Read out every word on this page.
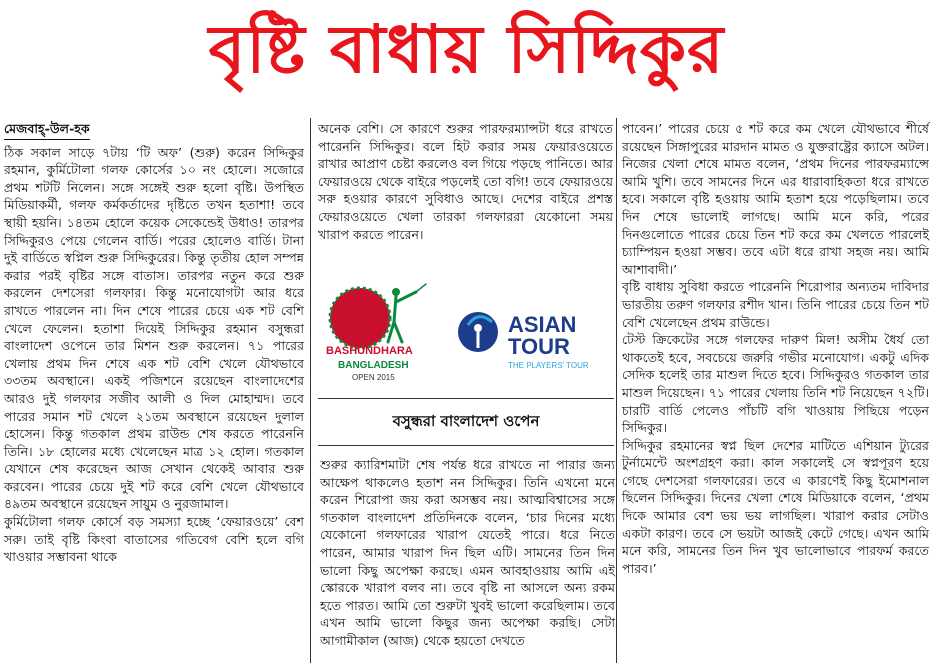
বৃষ্টি বাধায় সিদ্দিকুর
মেজবাহ্-উল-হক

ঠিক সকাল সাড়ে ৭টায় ‘টি অফ’ (শুরু) করেন সিদ্দিকুর রহমান, কুর্মিটোলা গলফ কোর্সের ১০ নং হোলে। সজোরে প্রথম শটটি নিলেন। সঙ্গে সঙ্গেই শুরু হলো বৃষ্টি। উপস্থিত মিডিয়াকর্মী, গলফ কর্মকর্তাদের দৃষ্টিতে তখন হতাশা! তবে স্থায়ী হয়নি। ১৪তম হোলে কয়েক সেকেন্ডেই উধাও! তারপর সিদ্দিকুরও পেয়ে গেলেন বার্ডি। পরের হোলেও বার্ডি। টানা দুই বার্ডিতে স্বপ্নিল শুরু সিদ্দিকুরের। কিন্তু তৃতীয় হোল সম্পন্ন করার পরই বৃষ্টির সঙ্গে বাতাস। তারপর নতুন করে শুরু করলেন দেশসেরা গলফার। কিন্তু মনোযোগটা আর ধরে রাখতে পারলেন না। দিন শেষে পারের চেয়ে এক শট বেশি খেলে ফেলেন। হতাশা দিয়েই সিদ্দিকুর রহমান বসুন্ধরা বাংলাদেশ ওপেনে তার মিশন শুরু করলেন। ৭১ পারের খেলায় প্রথম দিন শেষে এক শট বেশি খেলে যৌথভাবে ৩৩তম অবস্থানে। একই পজিশনে রয়েছেন বাংলাদেশের আরও দুই গলফার সজীব আলী ও দিল মোহাম্মদ। তবে পারের সমান শট খেলে ২১তম অবস্থানে রয়েছেন দুলাল হোসেন। কিন্তু গতকাল প্রথম রাউন্ড শেষ করতে পারেননি তিনি। ১৮ হোলের মধ্যে খেলেছেন মাত্র ১২ হোল। গতকাল যেখানে শেষ করেছেন আজ সেখান থেকেই আবার শুরু করবেন। পারের চেয়ে দুই শট করে বেশি খেলে যৌথভাবে ৪৯তম অবস্থানে রয়েছেন সায়ুম ও নুরজামাল।

কুর্মিটোলা গলফ কোর্সে বড় সমস্যা হচ্ছে ‘ফেয়ারওয়ে’ বেশ সরু। তাই বৃষ্টি কিংবা বাতাসের গতিবেগ বেশি হলে বগি খাওয়ার সম্ভাবনা থাকে

অনেক বেশি। সে কারণে শুরুর পারফরম্যান্সটা ধরে রাখতে পারেননি সিদ্দিকুর। বলে হিট করার সময় ফেয়ারওয়েতে রাখার আপ্রাণ চেষ্টা করলেও বল গিয়ে পড়ছে পানিতে। আর ফেয়ারওয়ে থেকে বাইরে পড়লেই তো বগি! তবে ফেয়ারওয়ে সরু হওয়ার কারণে সুবিধাও আছে। দেশের বাইরে প্রশস্ত ফেয়ারওয়েতে খেলা তারকা গলফাররা যেকোনো সময় খারাপ করতে পারেন।

BASHUNDHARA
BANGLADESH
OPEN 2015
ASIAN
TOUR
THE PLAYERS' TOUR
বসুন্ধরা বাংলাদেশ ওপেন

শুরুর ক্যারিশমাটা শেষ পর্যন্ত ধরে রাখতে না পারার জন্য আক্ষেপ থাকলেও হতাশ নন সিদ্দিকুর। তিনি এখনো মনে করেন শিরোপা জয় করা অসম্ভব নয়। আত্মবিশ্বাসের সঙ্গে গতকাল বাংলাদেশ প্রতিদিনকে বলেন, ‘চার দিনের মধ্যে যেকোনো গলফারের খারাপ যেতেই পারে। ধরে নিতে পারেন, আমার খারাপ দিন ছিল এটি। সামনের তিন দিন ভালো কিছু অপেক্ষা করছে। এমন আবহাওয়ায় আমি এই স্কোরকে খারাপ বলব না। তবে বৃষ্টি না আসলে অন্য রকম হতে পারত। আমি তো শুরুটা খুবই ভালো করেছিলাম। তবে এখন আমি ভালো কিছুর জন্য অপেক্ষা করছি। সেটা আগামীকাল (আজ) থেকে হয়তো দেখতে

পাবেন।’ পারের চেয়ে ৫ শট করে কম খেলে যৌথভাবে শীর্ষে রয়েছেন সিঙ্গাপুরের মারদান মামত ও যুক্তরাষ্ট্রের ক্যাসে অটল। নিজের খেলা শেষে মামত বলেন, ‘প্রথম দিনের পারফরম্যান্সে আমি খুশি। তবে সামনের দিনে এর ধারাবাহিকতা ধরে রাখতে হবে। সকালে বৃষ্টি হওয়ায় আমি হতাশ হয়ে পড়েছিলাম। তবে দিন শেষে ভালোই লাগছে। আমি মনে করি, পরের দিনগুলোতে পারের চেয়ে তিন শট করে কম খেলতে পারলেই চ্যাম্পিয়ন হওয়া সম্ভব। তবে এটা ধরে রাখা সহজ নয়। আমি আশাবাদী।’

বৃষ্টি বাধায় সুবিধা করতে পারেননি শিরোপার অন্যতম দাবিদার ভারতীয় তরুণ গলফার রশীদ খান। তিনি পারের চেয়ে তিন শট বেশি খেলেছেন প্রথম রাউন্ডে।

টেস্ট ক্রিকেটের সঙ্গে গলফের দারুণ মিল! অসীম ধৈর্য তো থাকতেই হবে, সবচেয়ে জরুরি গভীর মনোযোগ। একটু এদিক সেদিক হলেই তার মাশুল দিতে হবে। সিদ্দিকুরও গতকাল তার মাশুল দিয়েছেন। ৭১ পারের খেলায় তিনি শট নিয়েছেন ৭২টি। চারটি বার্ডি পেলেও পাঁচটি বগি খাওয়ায় পিছিয়ে পড়েন সিদ্দিকুর।

সিদ্দিকুর রহমানের স্বপ্ন ছিল দেশের মাটিতে এশিয়ান ট্যুরের টুর্নামেন্টে অংশগ্রহণ করা। কাল সকালেই সে স্বপ্নপূরণ হয়ে গেছে দেশসেরা গলফারের। তবে এ কারণেই কিছু ইমোশনাল ছিলেন সিদ্দিকুর। দিনের খেলা শেষে মিডিয়াকে বলেন, ‘প্রথম দিকে আমার বেশ ভয় ভয় লাগছিল। খারাপ করার সেটাও একটা কারণ। তবে সে ভয়টা আজই কেটে গেছে। এখন আমি মনে করি, সামনের তিন দিন খুব ভালোভাবে পারফর্ম করতে পারব।’
